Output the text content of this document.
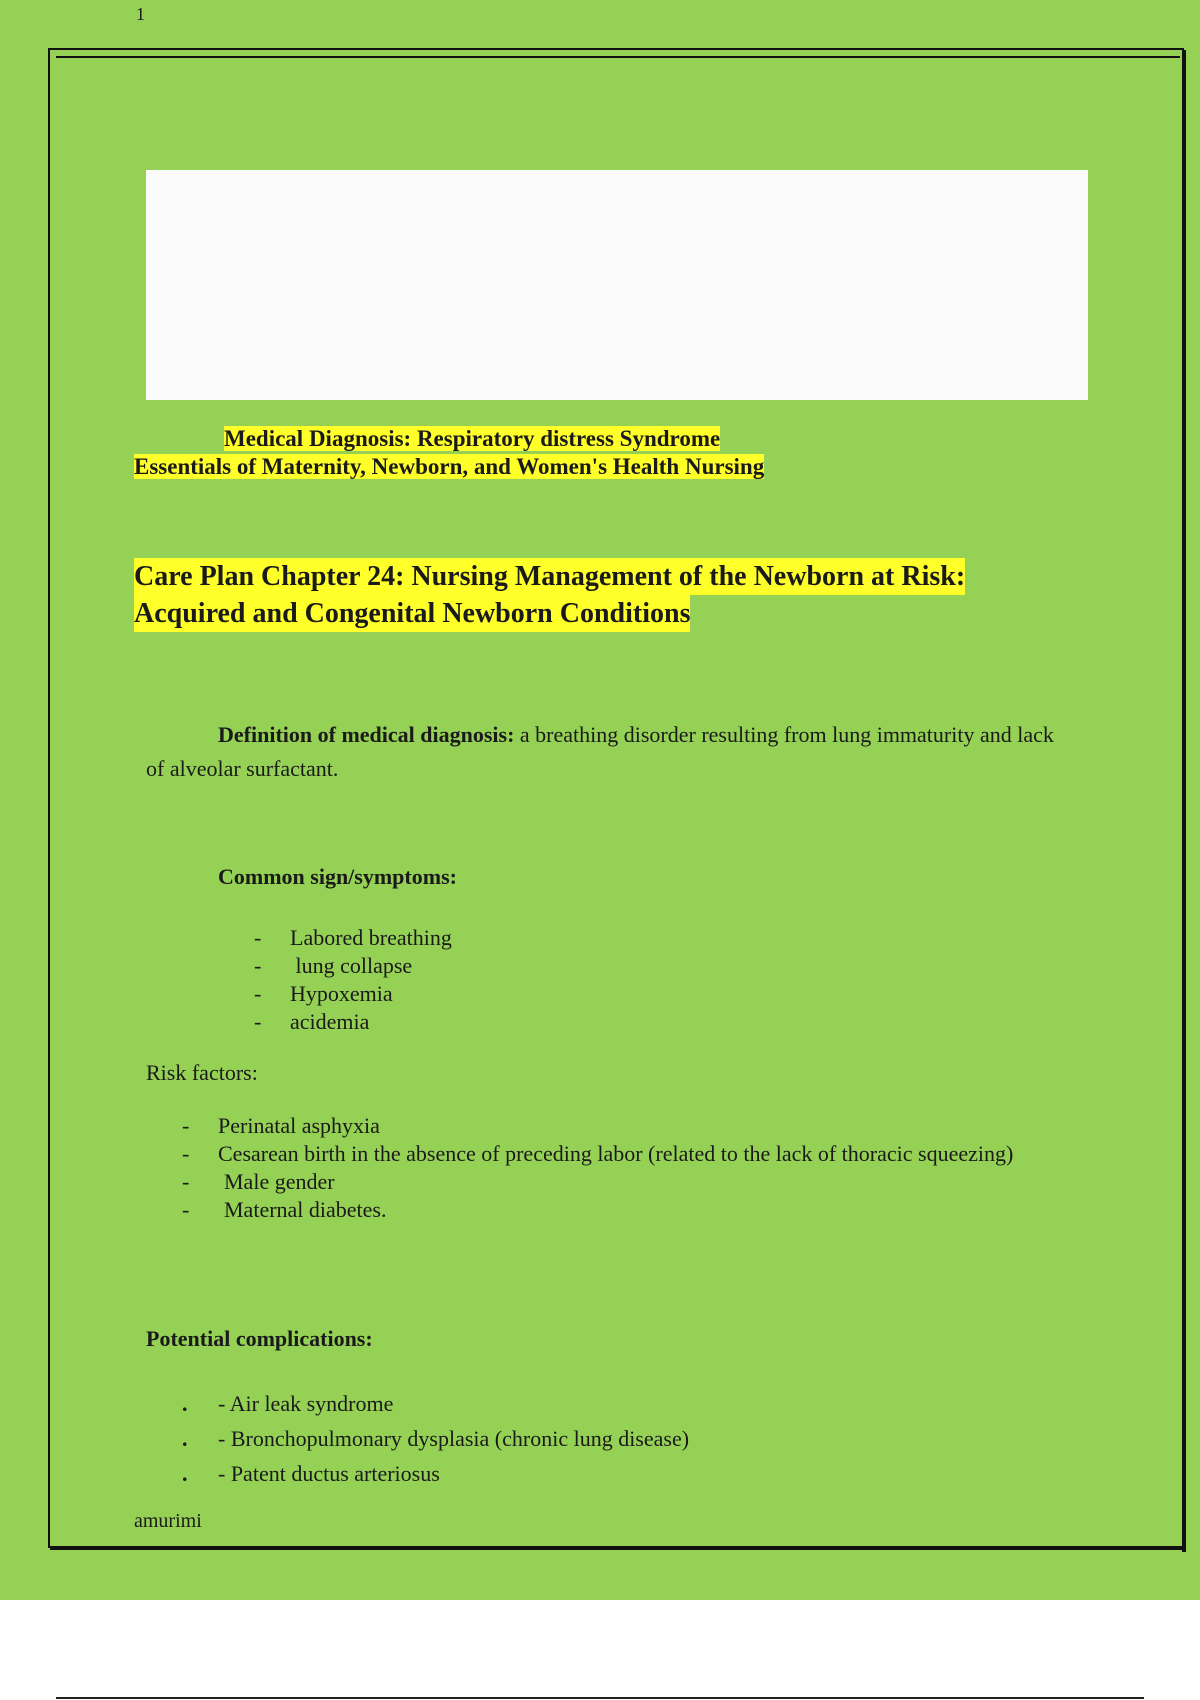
1
Medical Diagnosis: Respiratory distress Syndrome
Essentials of Maternity, Newborn, and Women's Health Nursing
Care Plan Chapter 24: Nursing Management of the Newborn at Risk:
Acquired and Congenital Newborn Conditions
Definition of medical diagnosis: a breathing disorder resulting from lung immaturity and lack of alveolar surfactant.
Common sign/symptoms:
- Labored breathing
- lung collapse
- Hypoxemia
- acidemia
Risk factors:
- Perinatal asphyxia
- Cesarean birth in the absence of preceding labor (related to the lack of thoracic squeezing)
- Male gender
- Maternal diabetes.
Potential complications:
. - Air leak syndrome
. - Bronchopulmonary dysplasia (chronic lung disease)
. - Patent ductus arteriosus
amurimi
